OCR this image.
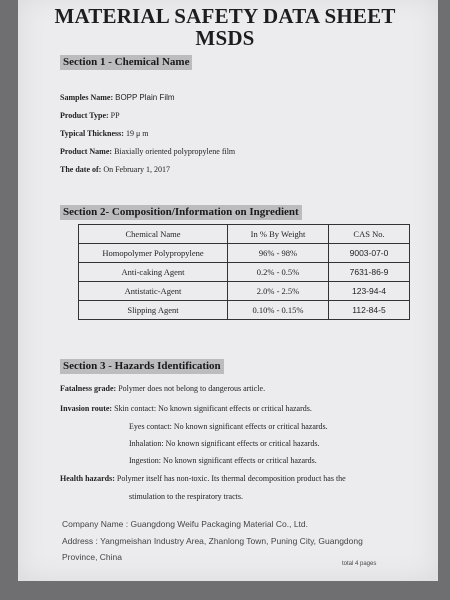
MATERIAL SAFETY DATA SHEET
MSDS
Section 1 - Chemical Name
Samples Name: BOPP Plain Film
Product Type: PP
Typical Thickness: 19 μ m
Product Name: Biaxially oriented polypropylene film
The date of: On February 1, 2017
Section 2- Composition/Information on Ingredient
Chemical Name	In % By Weight	CAS No.
Homopolymer Polypropylene	96% - 98%	9003-07-0
Anti-caking Agent	0.2% - 0.5%	7631-86-9
Antistatic-Agent	2.0% - 2.5%	123-94-4
Slipping Agent	0.10% - 0.15%	112-84-5
Section 3 - Hazards Identification
Fatalness grade: Polymer does not belong to dangerous article.
Invasion route: Skin contact: No known significant effects or critical hazards.
Eyes contact: No known significant effects or critical hazards.
Inhalation: No known significant effects or critical hazards.
Ingestion: No known significant effects or critical hazards.
Health hazards: Polymer itself has non-toxic. Its thermal decomposition product has the
stimulation to the respiratory tracts.
Company Name : Guangdong Weifu Packaging Material Co., Ltd.
Address : Yangmeishan Industry Area, Zhanlong Town, Puning City, Guangdong
Province, China
total 4 pages
